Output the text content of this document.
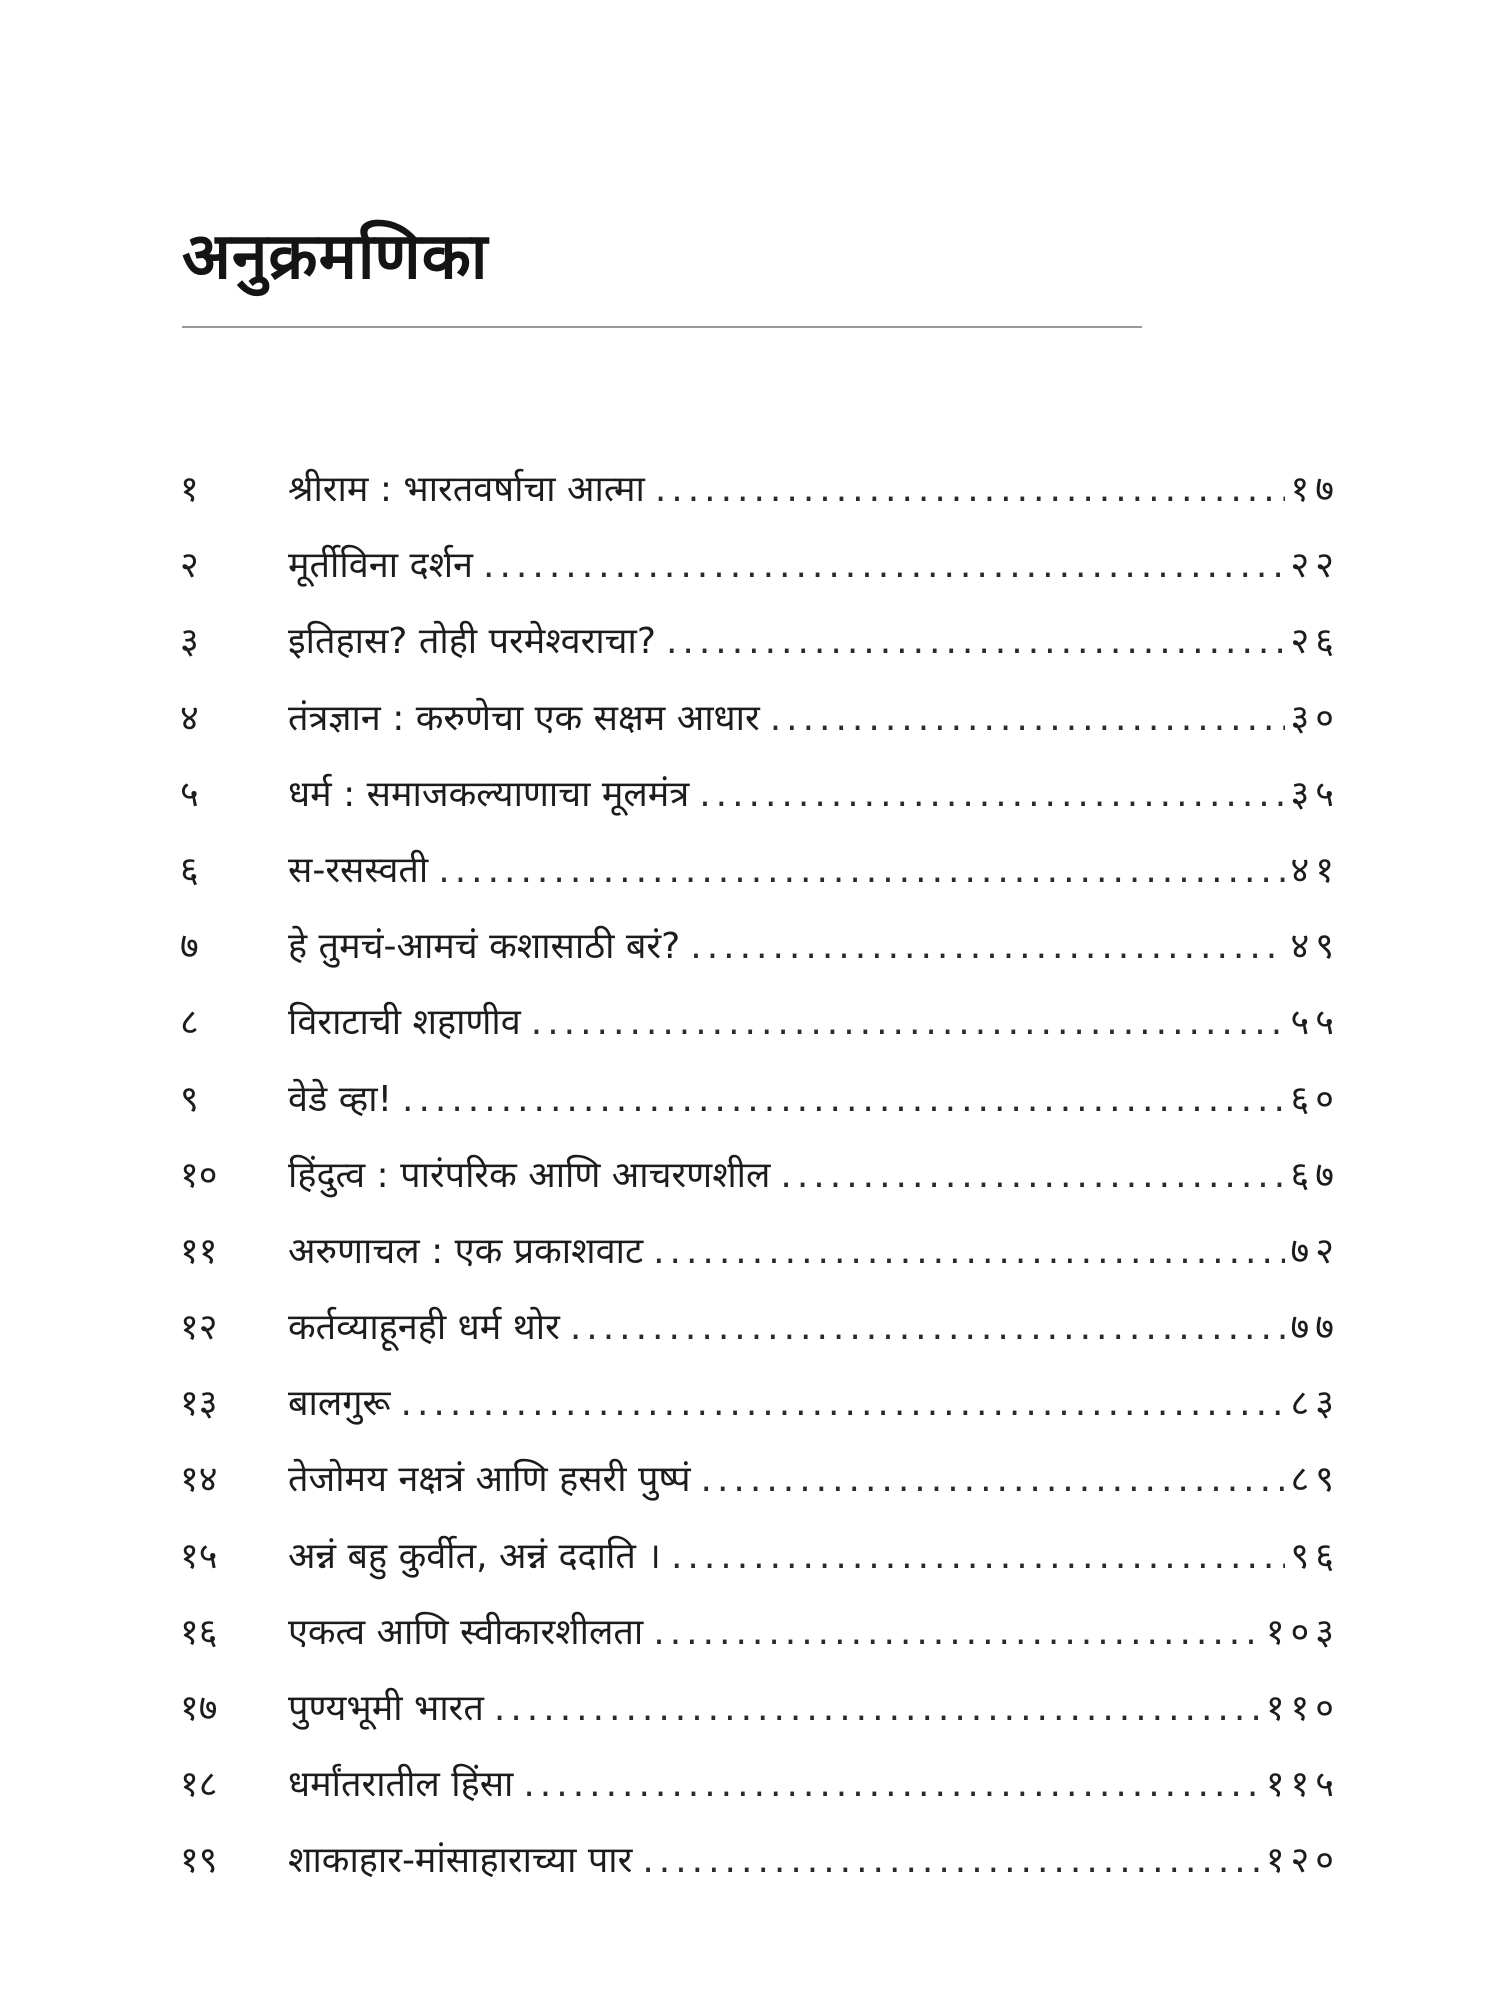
अनुक्रमणिका
१	श्रीराम : भारतवर्षाचा आत्मा .....	१७
२	मूर्तीविना दर्शन .....	२२
३	इतिहास? तोही परमेश्वराचा? .....	२६
४	तंत्रज्ञान : करुणेचा एक सक्षम आधार .....	३०
५	धर्म : समाजकल्याणाचा मूलमंत्र .....	३५
६	स-रसस्वती .....	४१
७	हे तुमचं-आमचं कशासाठी बरं? .....	४९
८	विराटाची शहाणीव .....	५५
९	वेडे व्हा! .....	६०
१०	हिंदुत्व : पारंपरिक आणि आचरणशील .....	६७
११	अरुणाचल : एक प्रकाशवाट .....	७२
१२	कर्तव्याहूनही धर्म थोर .....	७७
१३	बालगुरू .....	८३
१४	तेजोमय नक्षत्रं आणि हसरी पुष्पं .....	८९
१५	अन्नं बहु कुर्वीत, अन्नं ददाति । .....	९६
१६	एकत्व आणि स्वीकारशीलता .....	१०३
१७	पुण्यभूमी भारत .....	११०
१८	धर्मांतरातील हिंसा .....	११५
१९	शाकाहार-मांसाहाराच्या पार .....	१२०
